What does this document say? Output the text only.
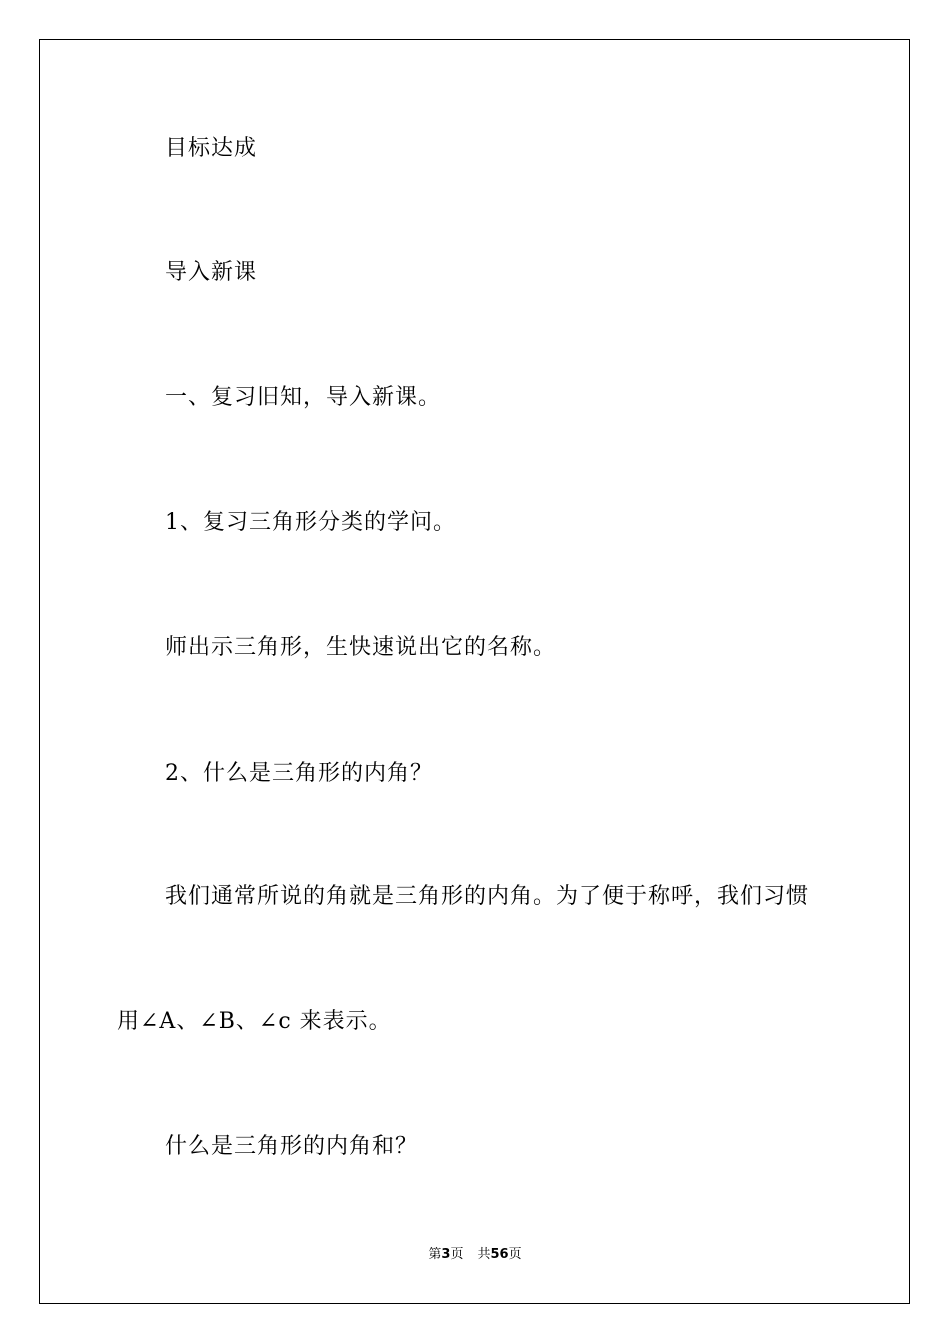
目标达成
导入新课
一、复习旧知，导入新课。
1、复习三角形分类的学问。
师出示三角形，生快速说出它的名称。
2、什么是三角形的内角？
我们通常所说的角就是三角形的内角。为了便于称呼，我们习惯
用∠A、∠B、∠c 来表示。
什么是三角形的内角和？
第3页 共56页
